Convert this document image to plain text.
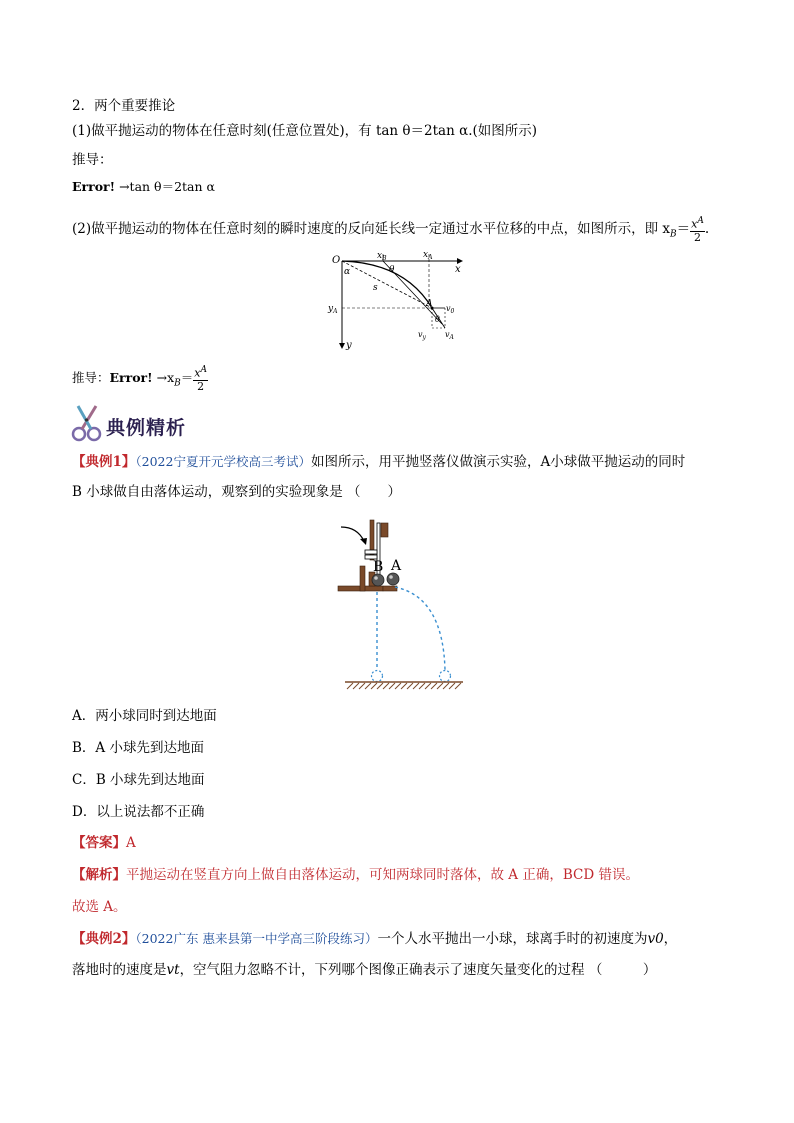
2．两个重要推论
(1)做平抛运动的物体在任意时刻(任意位置处)，有 tan θ＝2tan α.(如图所示)
推导：
Error! →tan θ＝2tan α
(2)做平抛运动的物体在任意时刻的瞬时速度的反向延长线一定通过水平位移的中点，如图所示，即 $x_B= \frac{x^A}{2}$ .
O	$x_B$	$x_A$
x
θ
α
s
A $v_0$
$y_A$
θ
$v_y$ $v_A$
y
推导：Error! $\to x_B= \frac{x^A}{2}$
典例精析
【典例1】（2022宁夏开元学校高三考试）如图所示，用平抛竖落仪做演示实验，A小球做平抛运动的同时
B 小球做自由落体运动，观察到的实验现象是 （　　）
B A
A．两小球同时到达地面
B．A 小球先到达地面
C．B 小球先到达地面
D．以上说法都不正确
【答案】A
【解析】平抛运动在竖直方向上做自由落体运动，可知两球同时落体，故 A 正确，BCD 错误。
故选 A。
【典例2】（2022广东 惠来县第一中学高三阶段练习）一个人水平抛出一小球，球离手时的初速度为v0，
落地时的速度是vt，空气阻力忽略不计，下列哪个图像正确表示了速度矢量变化的过程 （　　　）
